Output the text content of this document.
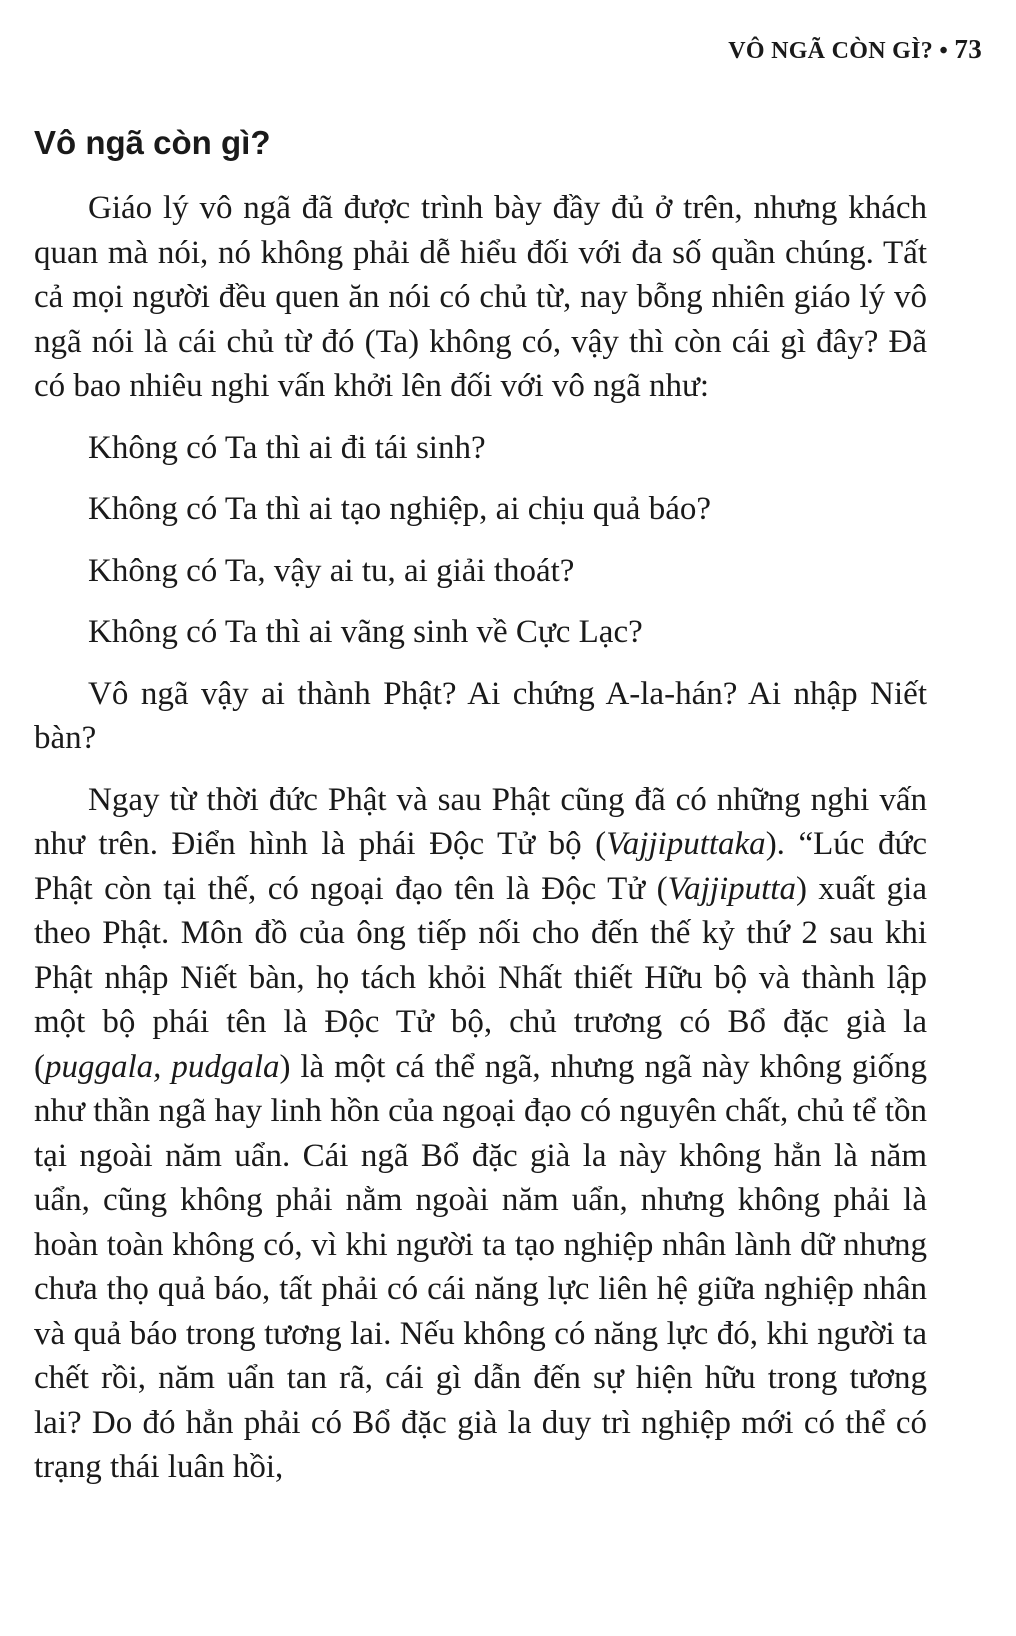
VÔ NGÃ CÒN GÌ? • 73
Vô ngã còn gì?

Giáo lý vô ngã đã được trình bày đầy đủ ở trên, nhưng khách quan mà nói, nó không phải dễ hiểu đối với đa số quần chúng. Tất cả mọi người đều quen ăn nói có chủ từ, nay bỗng nhiên giáo lý vô ngã nói là cái chủ từ đó (Ta) không có, vậy thì còn cái gì đây? Đã có bao nhiêu nghi vấn khởi lên đối với vô ngã như:

Không có Ta thì ai đi tái sinh?

Không có Ta thì ai tạo nghiệp, ai chịu quả báo?

Không có Ta, vậy ai tu, ai giải thoát?

Không có Ta thì ai vãng sinh về Cực Lạc?

Vô ngã vậy ai thành Phật? Ai chứng A-la-hán? Ai nhập Niết bàn?

Ngay từ thời đức Phật và sau Phật cũng đã có những nghi vấn như trên. Điển hình là phái Độc Tử bộ (Vajjiputtaka). “Lúc đức Phật còn tại thế, có ngoại đạo tên là Độc Tử (Vajjiputta) xuất gia theo Phật. Môn đồ của ông tiếp nối cho đến thế kỷ thứ 2 sau khi Phật nhập Niết bàn, họ tách khỏi Nhất thiết Hữu bộ và thành lập một bộ phái tên là Độc Tử bộ, chủ trương có Bổ đặc già la (puggala, pudgala) là một cá thể ngã, nhưng ngã này không giống như thần ngã hay linh hồn của ngoại đạo có nguyên chất, chủ tể tồn tại ngoài năm uẩn. Cái ngã Bổ đặc già la này không hẳn là năm uẩn, cũng không phải nằm ngoài năm uẩn, nhưng không phải là hoàn toàn không có, vì khi người ta tạo nghiệp nhân lành dữ nhưng chưa thọ quả báo, tất phải có cái năng lực liên hệ giữa nghiệp nhân và quả báo trong tương lai. Nếu không có năng lực đó, khi người ta chết rồi, năm uẩn tan rã, cái gì dẫn đến sự hiện hữu trong tương lai? Do đó hẳn phải có Bổ đặc già la duy trì nghiệp mới có thể có trạng thái luân hồi,
